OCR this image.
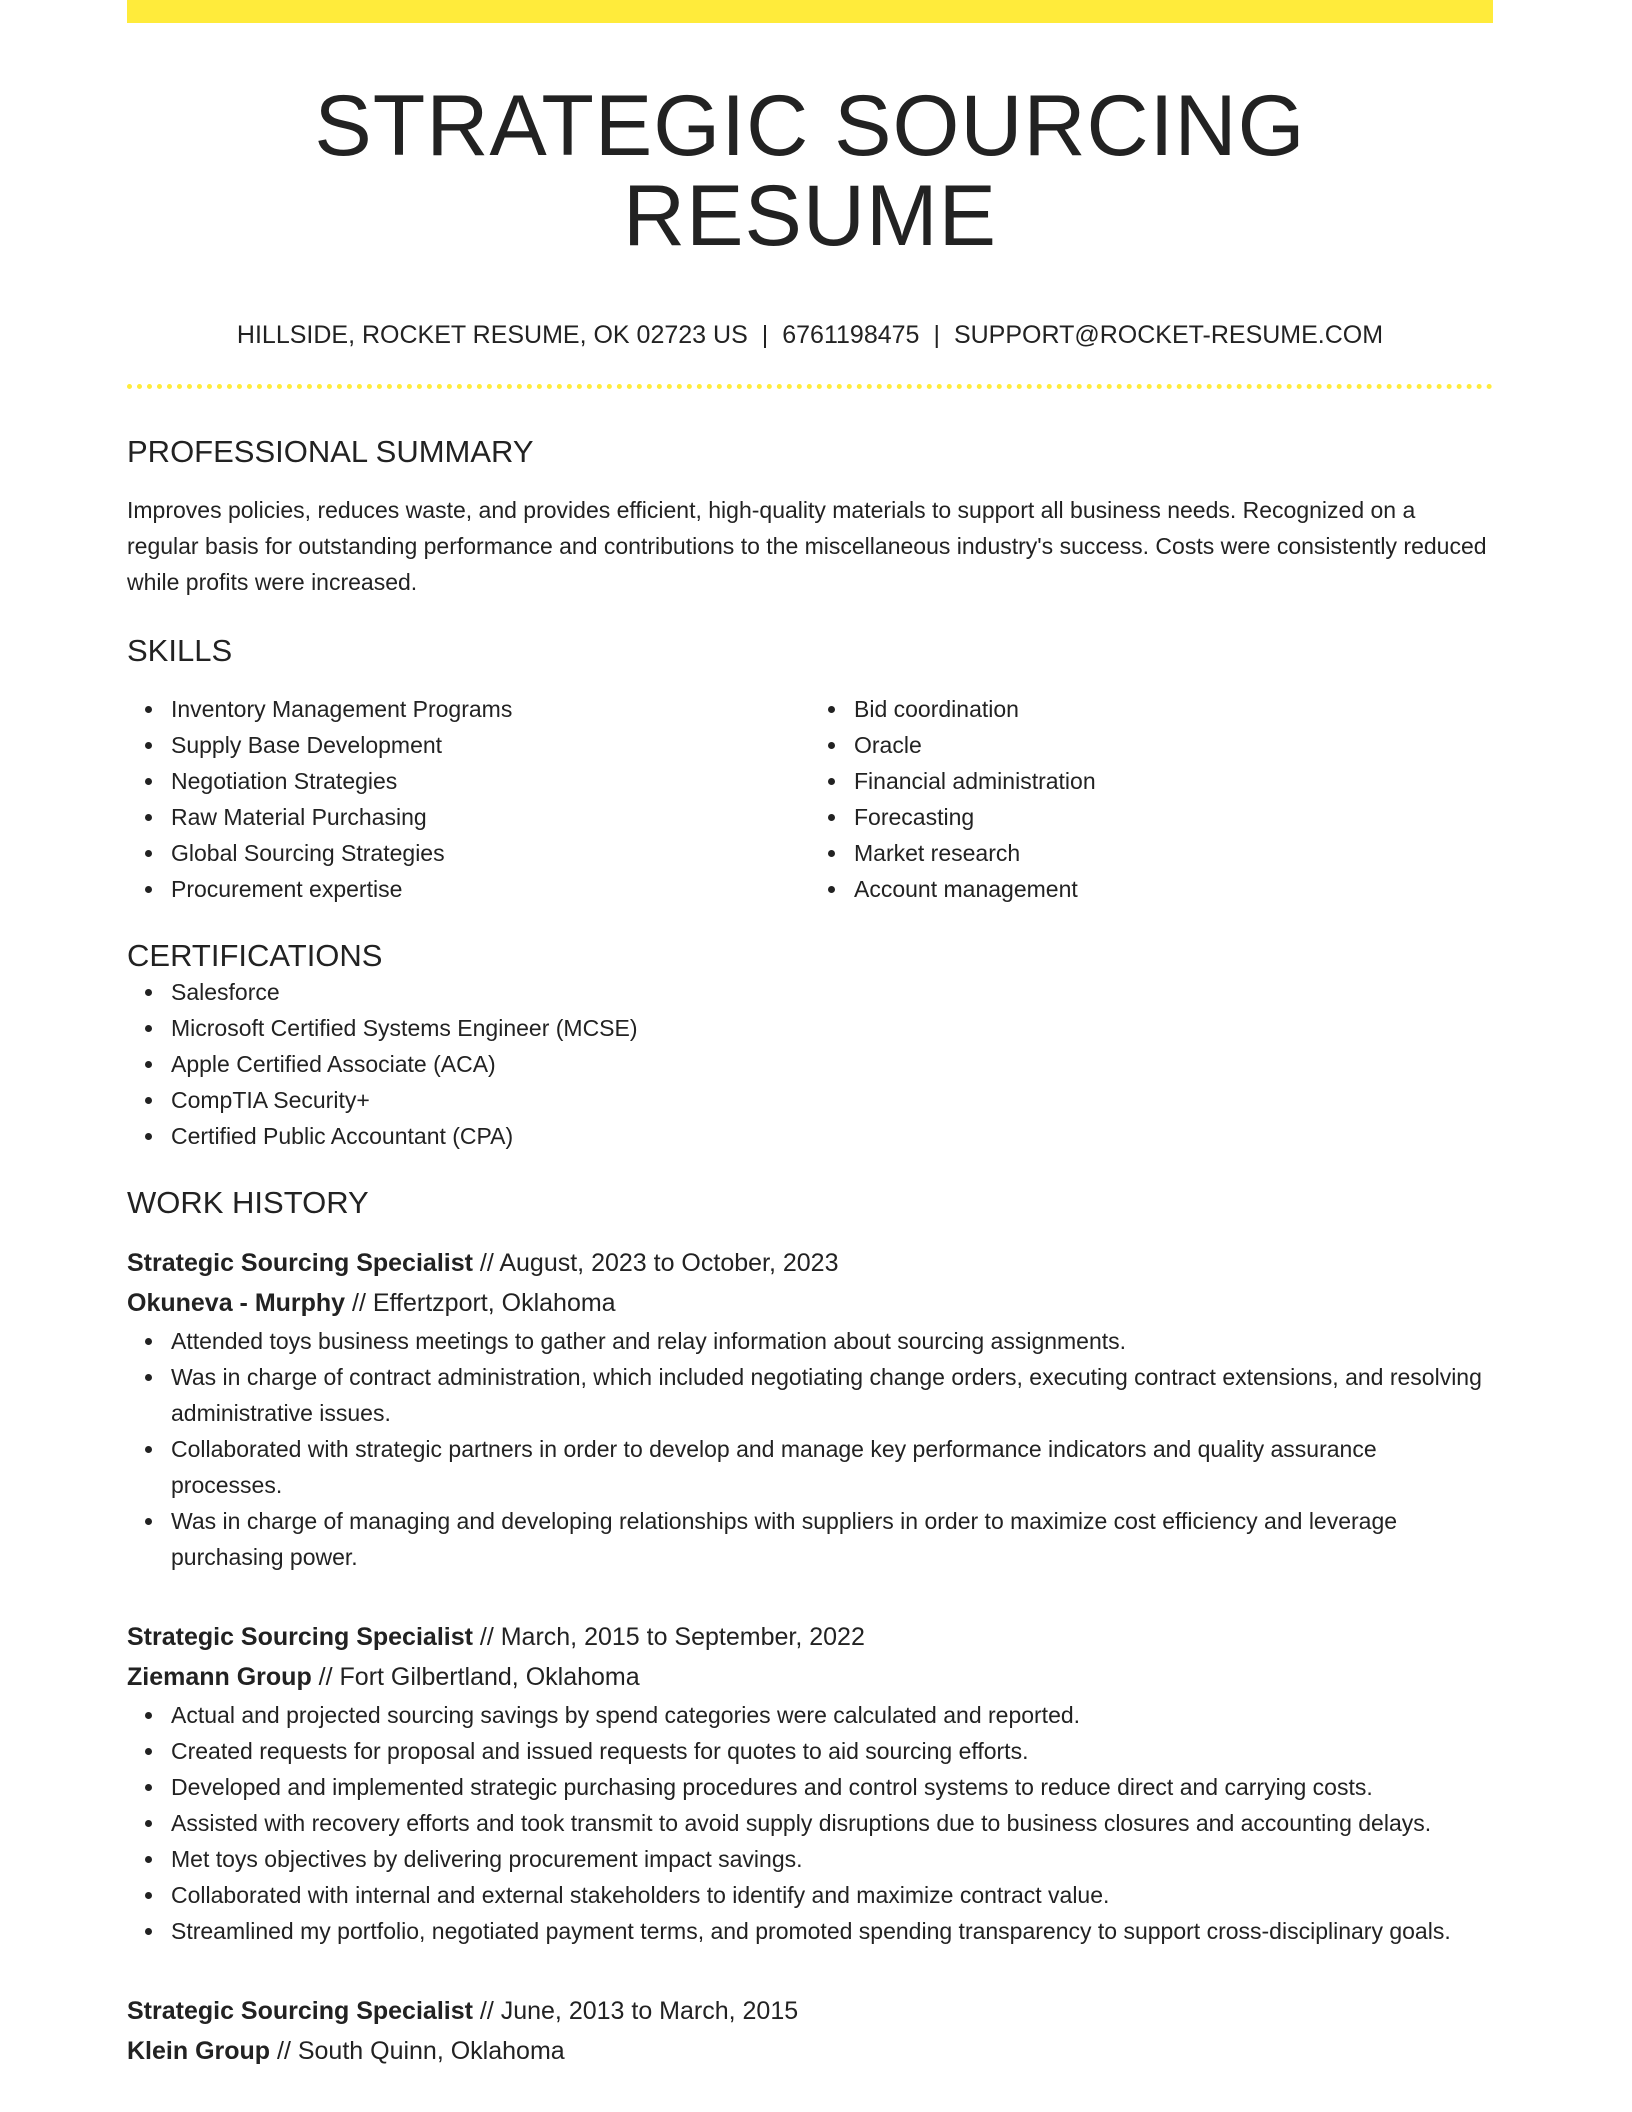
STRATEGIC SOURCING RESUME
HILLSIDE, ROCKET RESUME, OK 02723 US | 6761198475 | SUPPORT@ROCKET-RESUME.COM
PROFESSIONAL SUMMARY

Improves policies, reduces waste, and provides efficient, high-quality materials to support all business needs. Recognized on a regular basis for outstanding performance and contributions to the miscellaneous industry's success. Costs were consistently reduced while profits were increased.

SKILLS
Inventory Management Programs
Supply Base Development
Negotiation Strategies
Raw Material Purchasing
Global Sourcing Strategies
Procurement expertise
Bid coordination
Oracle
Financial administration
Forecasting
Market research
Account management
CERTIFICATIONS
Salesforce
Microsoft Certified Systems Engineer (MCSE)
Apple Certified Associate (ACA)
CompTIA Security+
Certified Public Accountant (CPA)
WORK HISTORY
Strategic Sourcing Specialist // August, 2023 to October, 2023
Okuneva - Murphy // Effertzport, Oklahoma
Attended toys business meetings to gather and relay information about sourcing assignments.
Was in charge of contract administration, which included negotiating change orders, executing contract extensions, and resolving administrative issues.
Collaborated with strategic partners in order to develop and manage key performance indicators and quality assurance processes.
Was in charge of managing and developing relationships with suppliers in order to maximize cost efficiency and leverage purchasing power.
Strategic Sourcing Specialist // March, 2015 to September, 2022
Ziemann Group // Fort Gilbertland, Oklahoma
Actual and projected sourcing savings by spend categories were calculated and reported.
Created requests for proposal and issued requests for quotes to aid sourcing efforts.
Developed and implemented strategic purchasing procedures and control systems to reduce direct and carrying costs.
Assisted with recovery efforts and took transmit to avoid supply disruptions due to business closures and accounting delays.
Met toys objectives by delivering procurement impact savings.
Collaborated with internal and external stakeholders to identify and maximize contract value.
Streamlined my portfolio, negotiated payment terms, and promoted spending transparency to support cross-disciplinary goals.
Strategic Sourcing Specialist // June, 2013 to March, 2015
Klein Group // South Quinn, Oklahoma
